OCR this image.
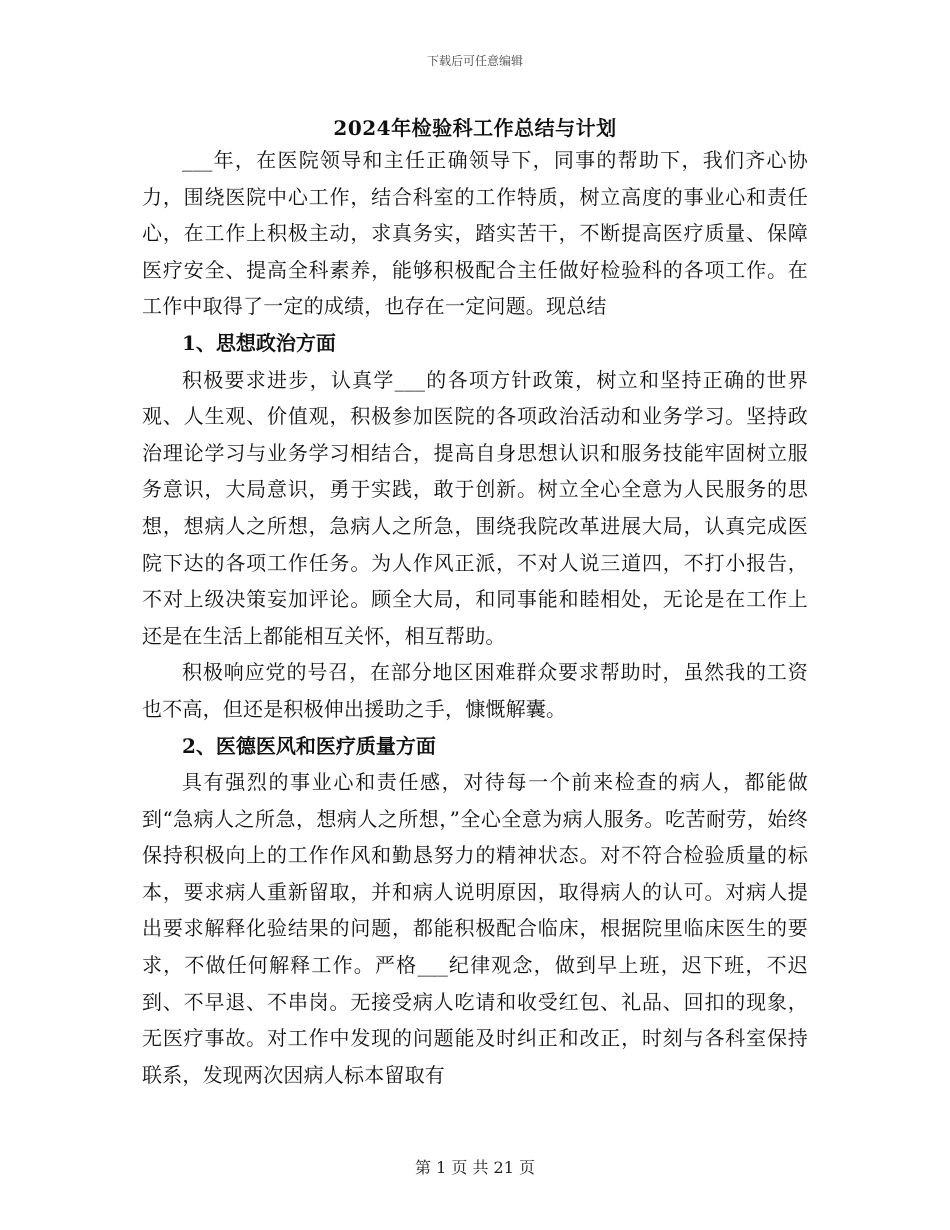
下载后可任意编辑
2024年检验科工作总结与计划

___年，在医院领导和主任正确领导下，同事的帮助下，我们齐心协力，围绕医院中心工作，结合科室的工作特质，树立高度的事业心和责任心，在工作上积极主动，求真务实，踏实苦干，不断提高医疗质量、保障医疗安全、提高全科素养，能够积极配合主任做好检验科的各项工作。在工作中取得了一定的成绩，也存在一定问题。现总结

1、思想政治方面

积极要求进步，认真学___的各项方针政策，树立和坚持正确的世界观、人生观、价值观，积极参加医院的各项政治活动和业务学习。坚持政治理论学习与业务学习相结合，提高自身思想认识和服务技能牢固树立服务意识，大局意识，勇于实践，敢于创新。树立全心全意为人民服务的思想，想病人之所想，急病人之所急，围绕我院改革进展大局，认真完成医院下达的各项工作任务。为人作风正派，不对人说三道四，不打小报告，不对上级决策妄加评论。顾全大局，和同事能和睦相处，无论是在工作上还是在生活上都能相互关怀，相互帮助。

积极响应党的号召，在部分地区困难群众要求帮助时，虽然我的工资也不高，但还是积极伸出援助之手，慷慨解囊。

2、医德医风和医疗质量方面

具有强烈的事业心和责任感，对待每一个前来检查的病人，都能做到“急病人之所急，想病人之所想，”全心全意为病人服务。吃苦耐劳，始终保持积极向上的工作作风和勤恳努力的精神状态。对不符合检验质量的标本，要求病人重新留取，并和病人说明原因，取得病人的认可。对病人提出要求解释化验结果的问题，都能积极配合临床，根据院里临床医生的要求，不做任何解释工作。严格___纪律观念，做到早上班，迟下班，不迟到、不早退、不串岗。无接受病人吃请和收受红包、礼品、回扣的现象，无医疗事故。对工作中发现的问题能及时纠正和改正，时刻与各科室保持联系，发现两次因病人标本留取有

第 1 页 共 21 页
